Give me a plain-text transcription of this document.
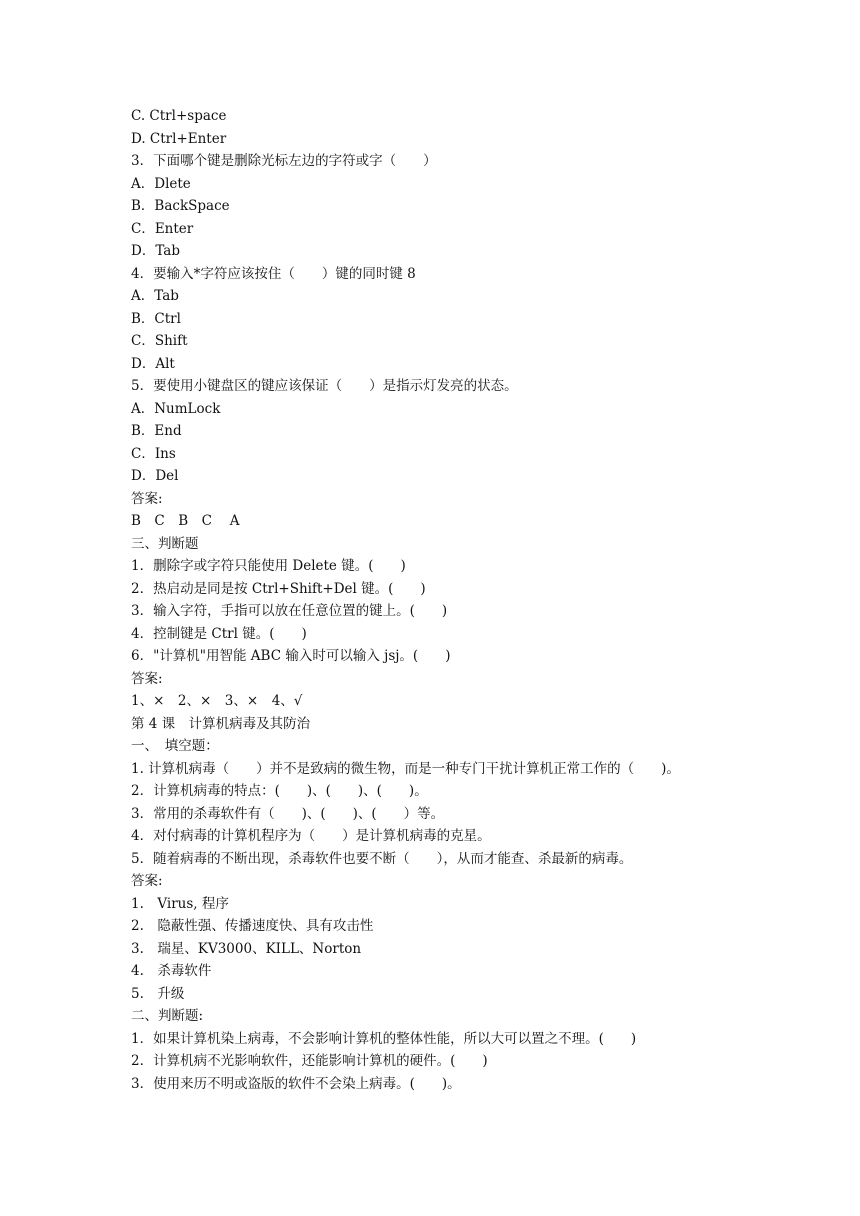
C. Ctrl+space
D. Ctrl+Enter
3．下面哪个键是删除光标左边的字符或字（　　）
A．Dlete
B．BackSpace
C．Enter
D．Tab
4．要输入*字符应该按住（　　）键的同时键 8
A．Tab
B．Ctrl
C．Shift
D．Alt
5．要使用小键盘区的键应该保证（　　）是指示灯发亮的状态。
A．NumLock
B．End
C．Ins
D．Del
答案:
B　C　B　C　 A
三、判断题
1．删除字或字符只能使用 Delete 键。(　　)
2．热启动是同是按 Ctrl+Shift+Del 键。(　　)
3．输入字符，手指可以放在任意位置的键上。(　　)
4．控制键是 Ctrl 键。(　　)
6．"计算机"用智能 ABC 输入时可以输入 jsj。(　　)
答案:
1、×　2、×　3、×　4、√
第 4 课　计算机病毒及其防治
一、　填空题：
1. 计算机病毒（　　）并不是致病的微生物，而是一种专门干扰计算机正常工作的（　　)。
2．计算机病毒的特点：(　　)、(　　)、(　　)。
3．常用的杀毒软件有（　　)、(　　)、(　　）等。
4．对付病毒的计算机程序为（　　）是计算机病毒的克星。
5．随着病毒的不断出现，杀毒软件也要不断（　　），从而才能查、杀最新的病毒。
答案:
1.　Virus, 程序
2.　隐蔽性强、传播速度快、具有攻击性
3.　瑞星、KV3000、KILL、Norton
4.　杀毒软件
5.　升级
二、判断题:
1．如果计算机染上病毒，不会影响计算机的整体性能，所以大可以置之不理。(　　)
2．计算机病不光影响软件，还能影响计算机的硬件。(　　)
3．使用来历不明或盗版的软件不会染上病毒。(　　)。
